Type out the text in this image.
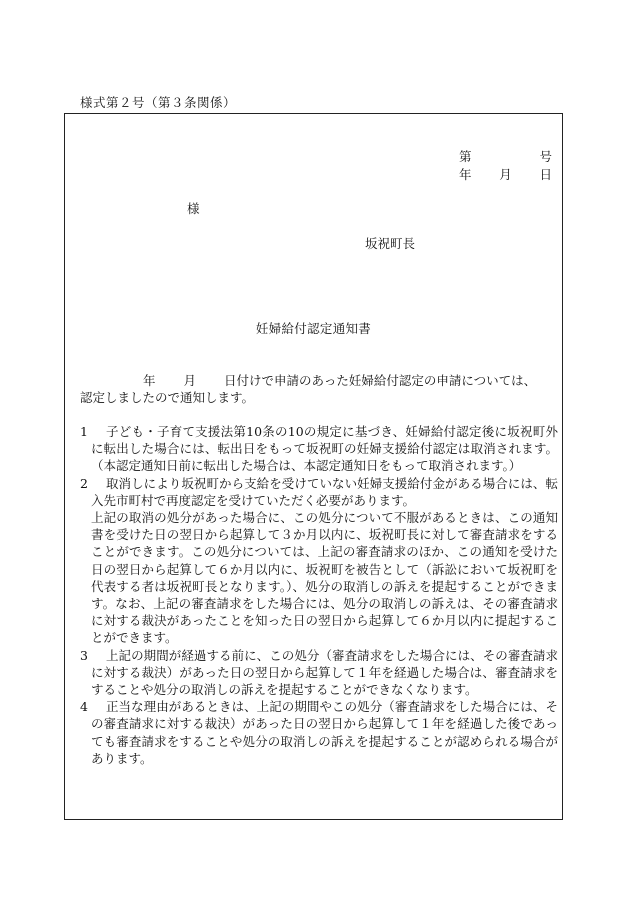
様式第２号（第３条関係）
第	号
年 月 日
様
坂祝町長
妊婦給付認定通知書
年 月 日付けで申請のあった妊婦給付認定の申請については、
認定しましたので通知します。
1	子ども・子育て支援法第10条の10の規定に基づき、妊婦給付認定後に坂祝町外に転出した場合には、転出日をもって坂祝町の妊婦支援給付認定は取消されます。（本認定通知日前に転出した場合は、本認定通知日をもって取消されます。）
2	取消しにより坂祝町から支給を受けていない妊婦支援給付金がある場合には、転入先市町村で再度認定を受けていただく必要があります。
上記の取消の処分があった場合に、この処分について不服があるときは、この通知書を受けた日の翌日から起算して３か月以内に、坂祝町長に対して審査請求をすることができます。この処分については、上記の審査請求のほか、この通知を受けた日の翌日から起算して６か月以内に、坂祝町を被告として（訴訟において坂祝町を代表する者は坂祝町長となります。）、処分の取消しの訴えを提起することができます。なお、上記の審査請求をした場合には、処分の取消しの訴えは、その審査請求に対する裁決があったことを知った日の翌日から起算して６か月以内に提起することができます。
3	上記の期間が経過する前に、この処分（審査請求をした場合には、その審査請求に対する裁決）があった日の翌日から起算して１年を経過した場合は、審査請求をすることや処分の取消しの訴えを提起することができなくなります。
4	正当な理由があるときは、上記の期間やこの処分（審査請求をした場合には、その審査請求に対する裁決）があった日の翌日から起算して１年を経過した後であっても審査請求をすることや処分の取消しの訴えを提起することが認められる場合があります。
